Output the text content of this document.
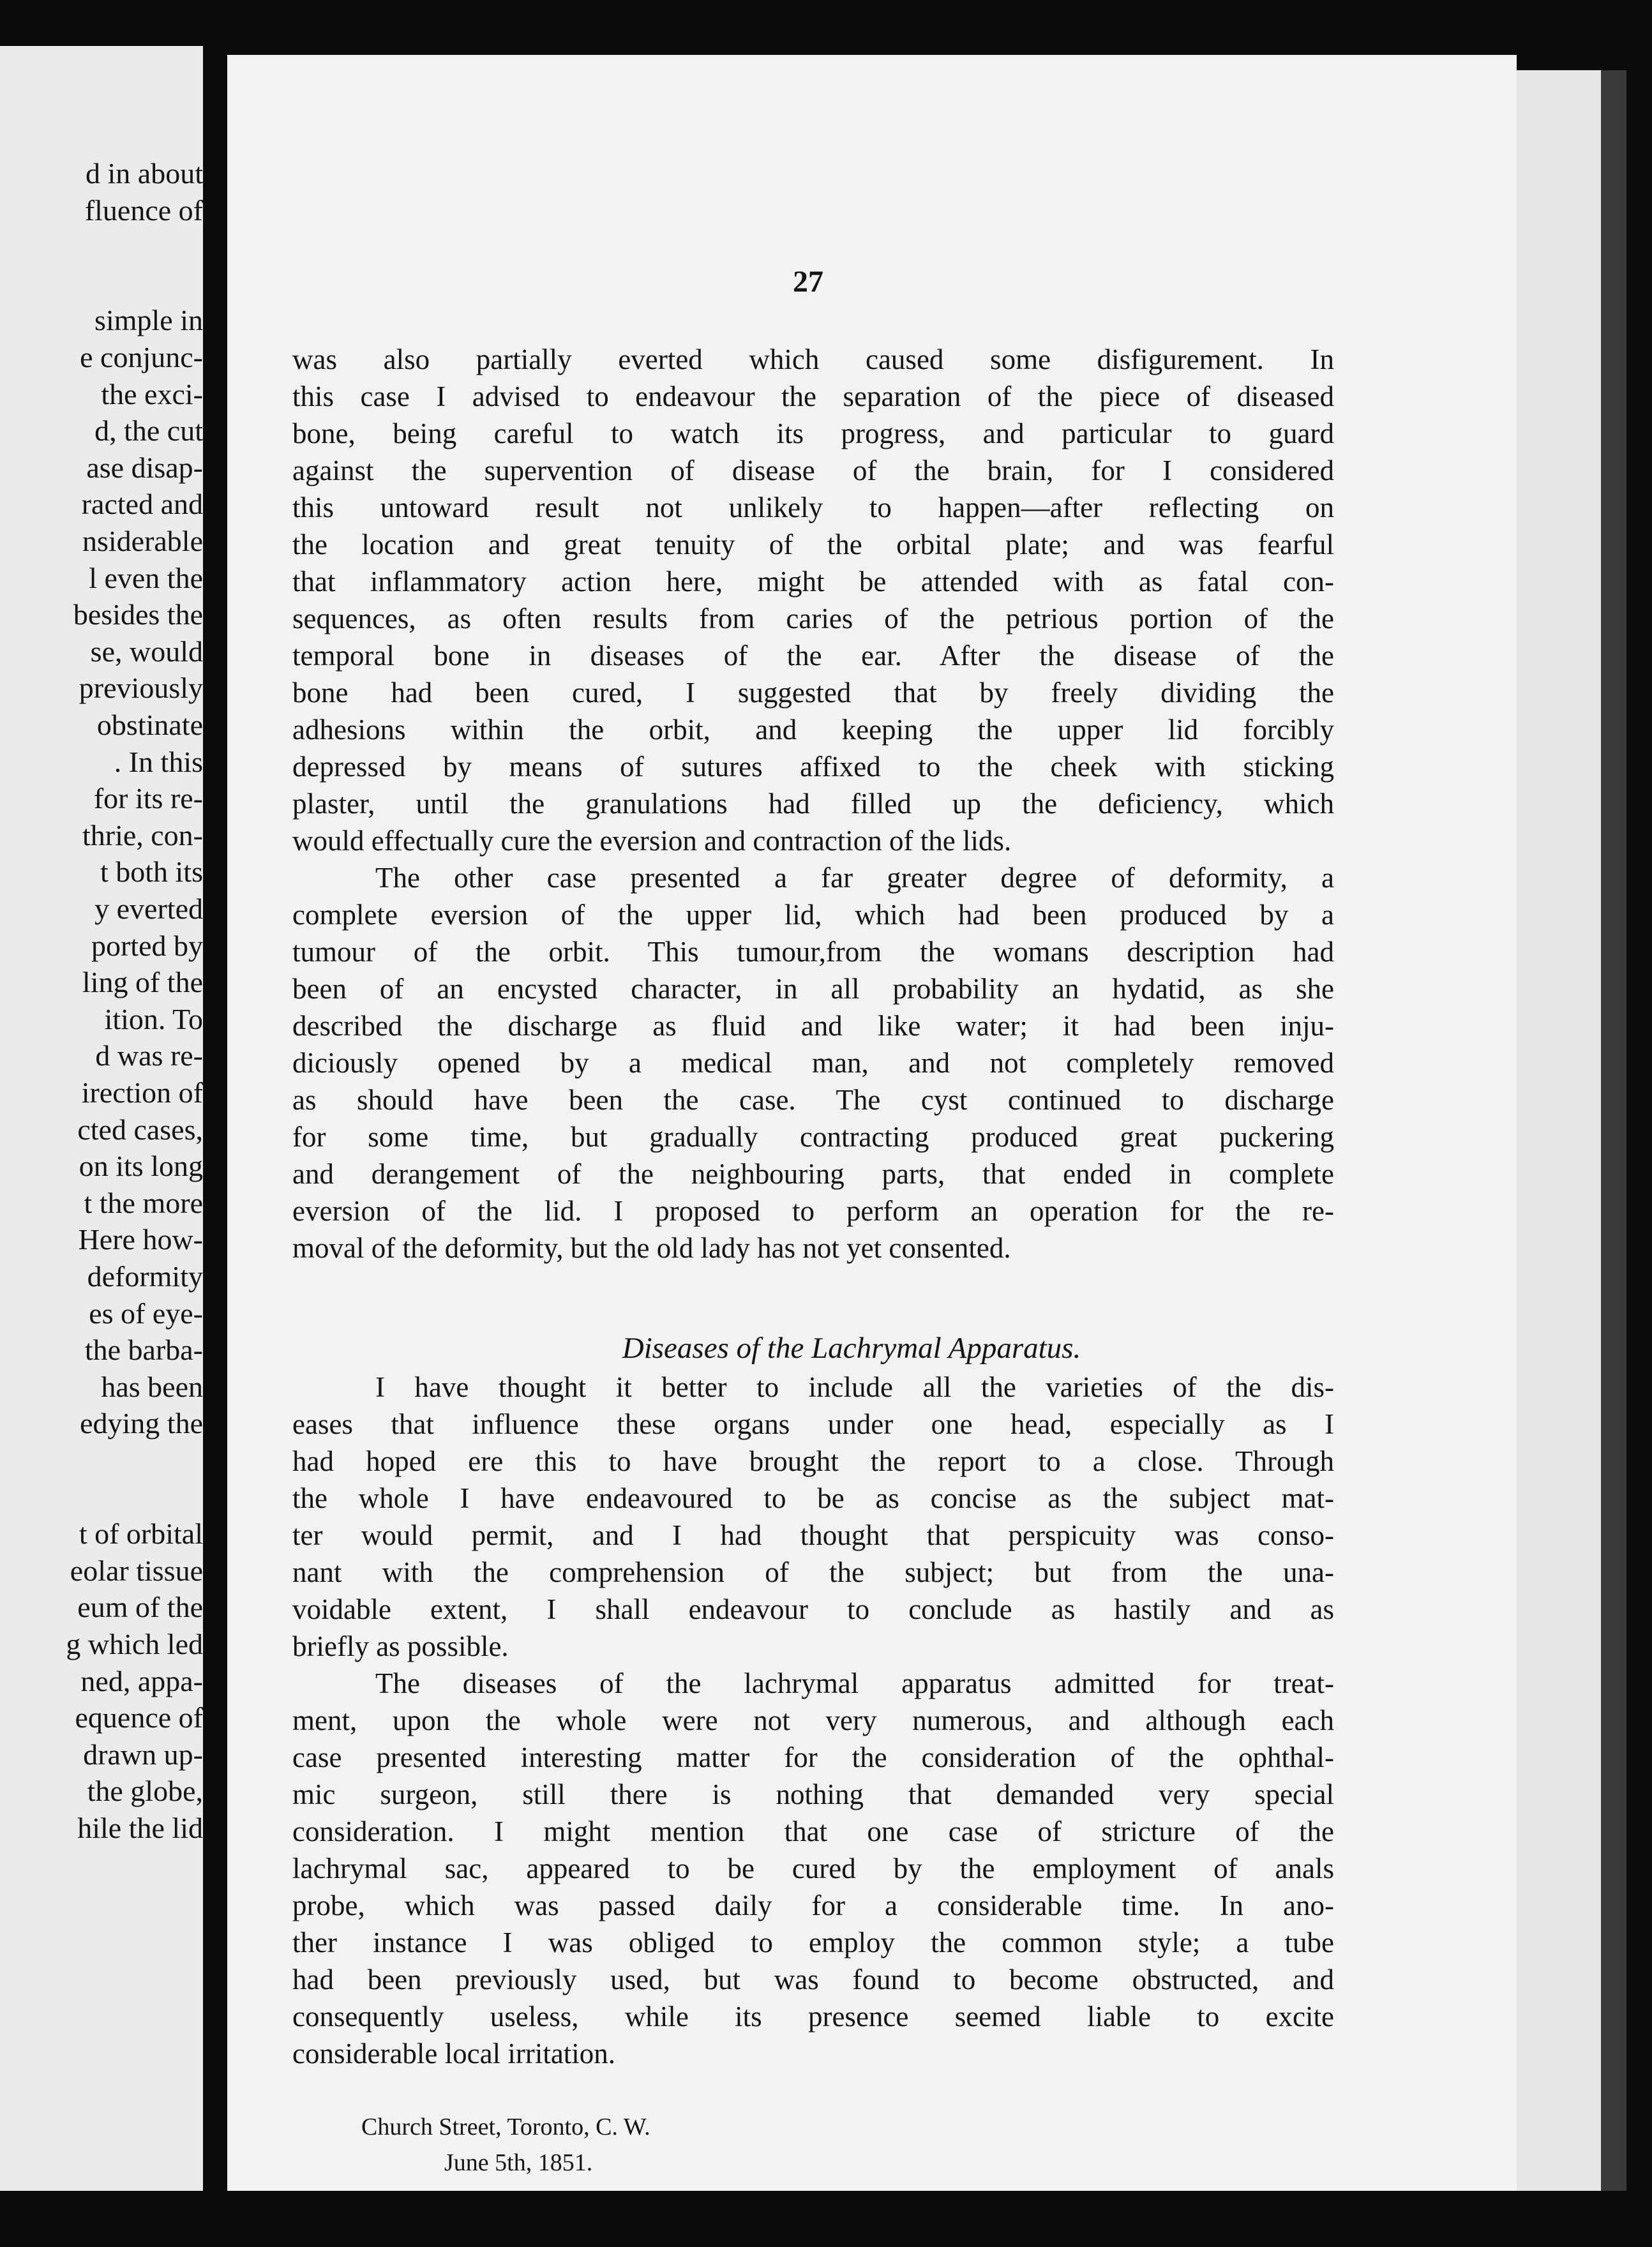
d in about
fluence of
simple in
e conjunc-
the exci-
d, the cut
ase disap-
racted and
nsiderable
l even the
besides the
se, would
previously
obstinate
. In this
for its re-
thrie, con-
t both its
y everted
ported by
ling of the
ition. To
d was re-
irection of
cted cases,
on its long
t the more
Here how-
deformity
es of eye-
the barba-
has been
edying the
t of orbital
eolar tissue
eum of the
g which led
ned, appa-
equence of
drawn up-
the globe,
hile the lid
27
was also partially everted which caused some disfigurement. In
this case I advised to endeavour the separation of the piece of diseased
bone, being careful to watch its progress, and particular to guard
against the supervention of disease of the brain, for I considered
this untoward result not unlikely to happen—after reflecting on
the location and great tenuity of the orbital plate; and was fearful
that inflammatory action here, might be attended with as fatal con-
sequences, as often results from caries of the petrious portion of the
temporal bone in diseases of the ear. After the disease of the
bone had been cured, I suggested that by freely dividing the
adhesions within the orbit, and keeping the upper lid forcibly
depressed by means of sutures affixed to the cheek with sticking
plaster, until the granulations had filled up the deficiency, which
would effectually cure the eversion and contraction of the lids.
The other case presented a far greater degree of deformity, a
complete eversion of the upper lid, which had been produced by a
tumour of the orbit. This tumour,from the womans description had
been of an encysted character, in all probability an hydatid, as she
described the discharge as fluid and like water; it had been inju-
diciously opened by a medical man, and not completely removed
as should have been the case. The cyst continued to discharge
for some time, but gradually contracting produced great puckering
and derangement of the neighbouring parts, that ended in complete
eversion of the lid. I proposed to perform an operation for the re-
moval of the deformity, but the old lady has not yet consented.
Diseases of the Lachrymal Apparatus.
I have thought it better to include all the varieties of the dis-
eases that influence these organs under one head, especially as I
had hoped ere this to have brought the report to a close. Through
the whole I have endeavoured to be as concise as the subject mat-
ter would permit, and I had thought that perspicuity was conso-
nant with the comprehension of the subject; but from the una-
voidable extent, I shall endeavour to conclude as hastily and as
briefly as possible.
The diseases of the lachrymal apparatus admitted for treat-
ment, upon the whole were not very numerous, and although each
case presented interesting matter for the consideration of the ophthal-
mic surgeon, still there is nothing that demanded very special
consideration. I might mention that one case of stricture of the
lachrymal sac, appeared to be cured by the employment of anals
probe, which was passed daily for a considerable time. In ano-
ther instance I was obliged to employ the common style; a tube
had been previously used, but was found to become obstructed, and
consequently useless, while its presence seemed liable to excite
considerable local irritation.
Church Street, Toronto, C. W.
June 5th, 1851.
